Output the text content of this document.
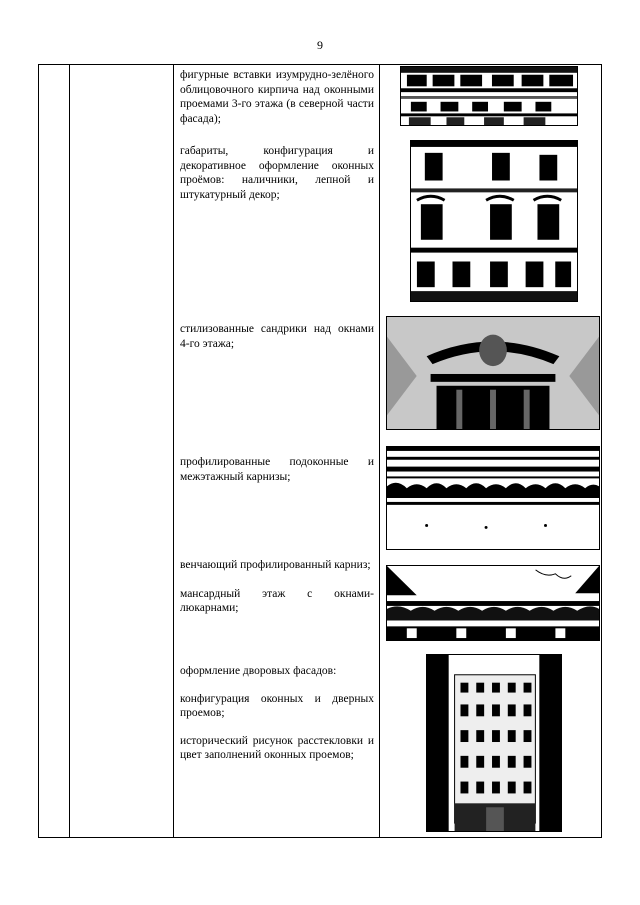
9
фигурные вставки изумрудно-зелёного облицовочного кирпича над оконными проемами 3-го этажа (в северной части фасада);
габариты, конфигурация и декоративное оформление оконных проёмов: наличники, лепной и штукатурный декор;
стилизованные сандрики над окнами 4-го этажа;
профилированные подоконные и межэтажный карнизы;
венчающий профилированный карниз;
мансардный этаж с окнами-люкарнами;
оформление дворовых фасадов:
конфигурация оконных и дверных проемов;
исторический рисунок расстекловки и цвет заполнений оконных проемов;
